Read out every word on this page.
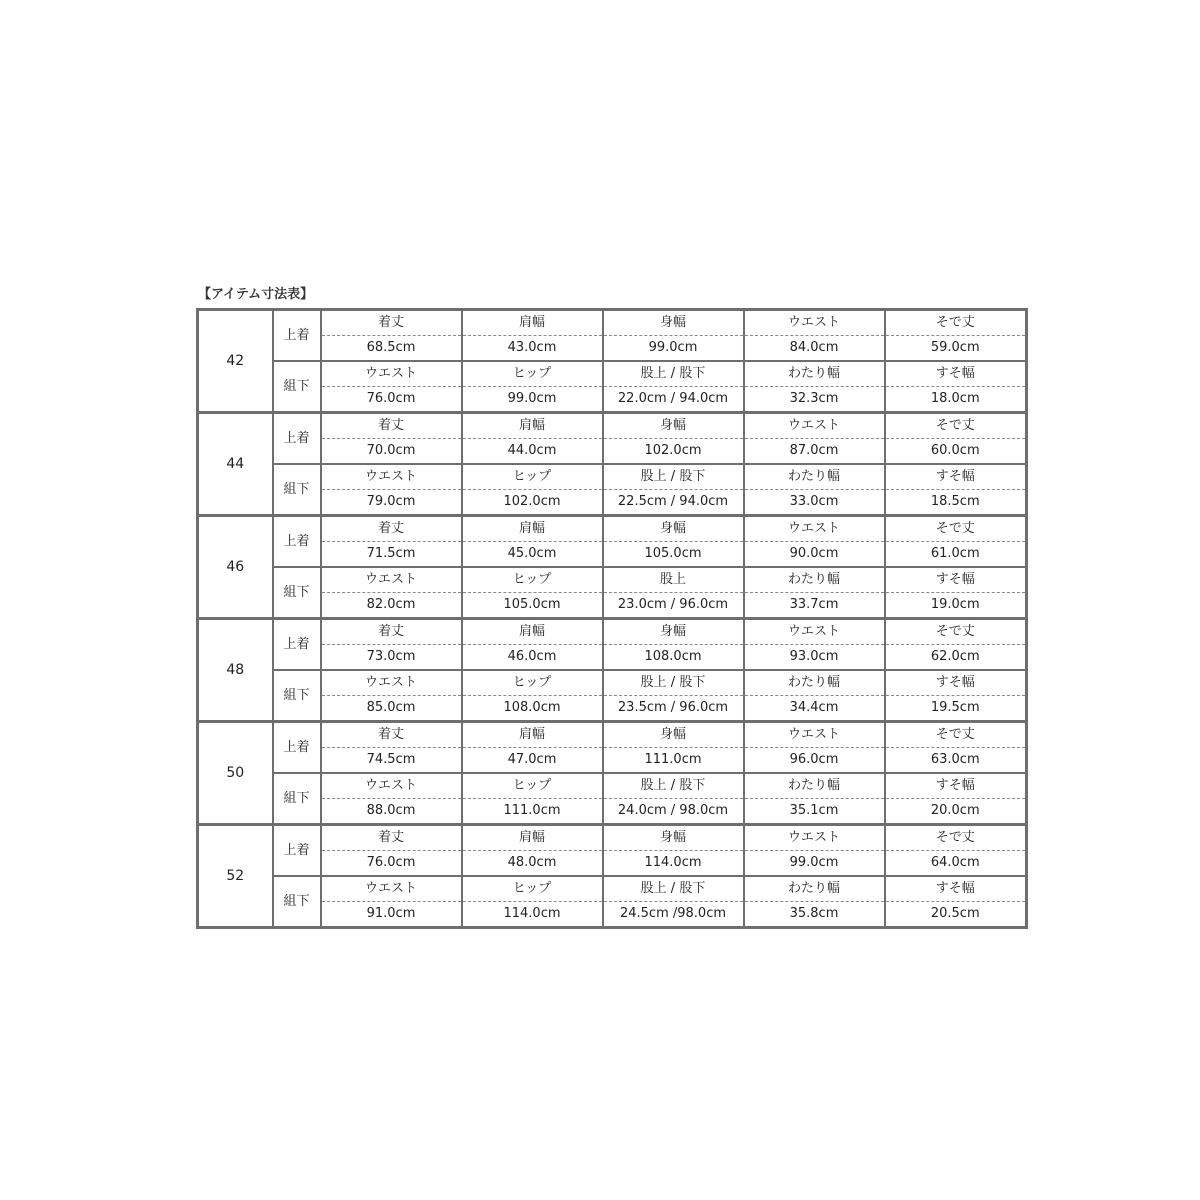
【アイテム寸法表】
42	上着	着丈	肩幅	身幅	ウエスト	そで丈
		68.5cm	43.0cm	99.0cm	84.0cm	59.0cm
	組下	ウエスト	ヒップ	股上 / 股下	わたり幅	すそ幅
		76.0cm	99.0cm	22.0cm / 94.0cm	32.3cm	18.0cm
44	上着	着丈	肩幅	身幅	ウエスト	そで丈
		70.0cm	44.0cm	102.0cm	87.0cm	60.0cm
	組下	ウエスト	ヒップ	股上 / 股下	わたり幅	すそ幅
		79.0cm	102.0cm	22.5cm / 94.0cm	33.0cm	18.5cm
46	上着	着丈	肩幅	身幅	ウエスト	そで丈
		71.5cm	45.0cm	105.0cm	90.0cm	61.0cm
	組下	ウエスト	ヒップ	股上	わたり幅	すそ幅
		82.0cm	105.0cm	23.0cm / 96.0cm	33.7cm	19.0cm
48	上着	着丈	肩幅	身幅	ウエスト	そで丈
		73.0cm	46.0cm	108.0cm	93.0cm	62.0cm
	組下	ウエスト	ヒップ	股上 / 股下	わたり幅	すそ幅
		85.0cm	108.0cm	23.5cm / 96.0cm	34.4cm	19.5cm
50	上着	着丈	肩幅	身幅	ウエスト	そで丈
		74.5cm	47.0cm	111.0cm	96.0cm	63.0cm
	組下	ウエスト	ヒップ	股上 / 股下	わたり幅	すそ幅
		88.0cm	111.0cm	24.0cm / 98.0cm	35.1cm	20.0cm
52	上着	着丈	肩幅	身幅	ウエスト	そで丈
		76.0cm	48.0cm	114.0cm	99.0cm	64.0cm
	組下	ウエスト	ヒップ	股上 / 股下	わたり幅	すそ幅
		91.0cm	114.0cm	24.5cm /98.0cm	35.8cm	20.5cm
